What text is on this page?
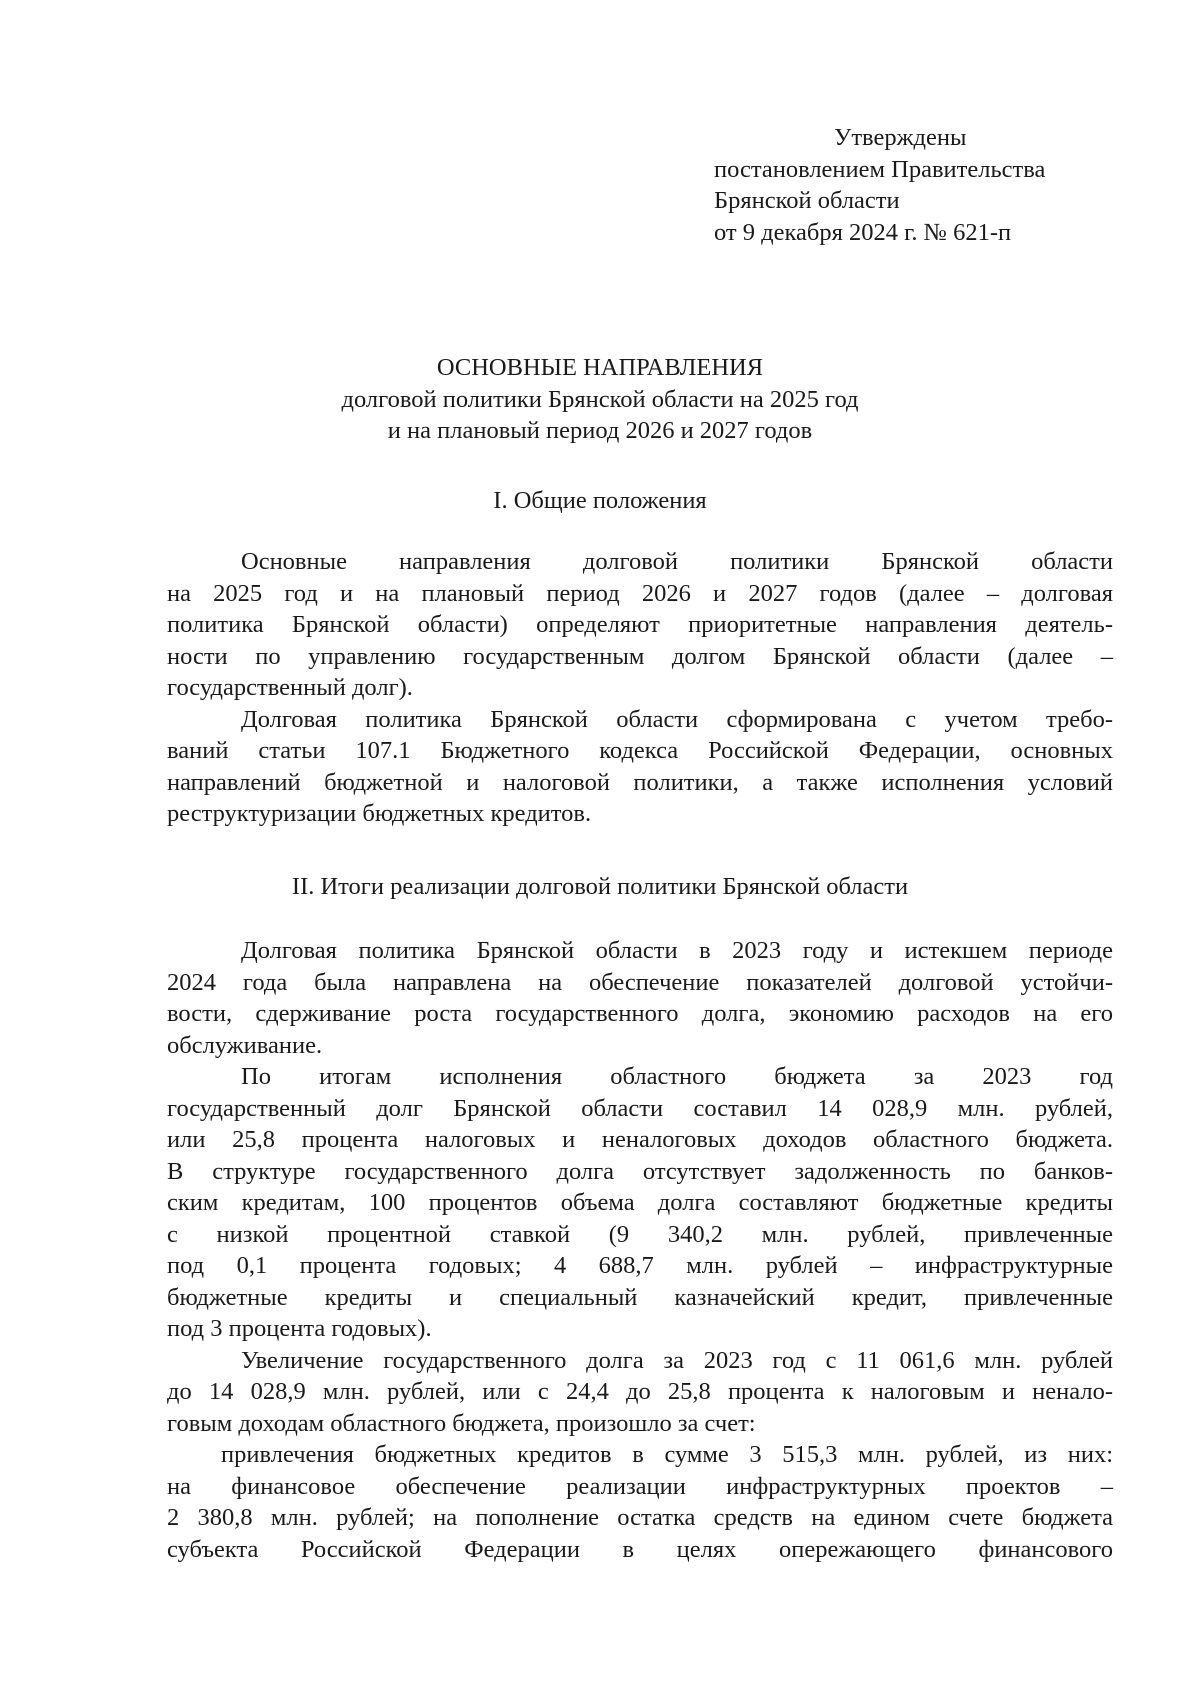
Утверждены
постановлением Правительства
Брянской области
от 9 декабря 2024 г. № 621-п
ОСНОВНЫЕ НАПРАВЛЕНИЯ
долговой политики Брянской области на 2025 год
и на плановый период 2026 и 2027 годов
I. Общие положения
Основные направления долговой политики Брянской области
на 2025 год и на плановый период 2026 и 2027 годов (далее – долговая
политика Брянской области) определяют приоритетные направления деятель-
ности по управлению государственным долгом Брянской области (далее –
государственный долг).
Долговая политика Брянской области сформирована с учетом требо-
ваний статьи 107.1 Бюджетного кодекса Российской Федерации, основных
направлений бюджетной и налоговой политики, а также исполнения условий
реструктуризации бюджетных кредитов.
II. Итоги реализации долговой политики Брянской области
Долговая политика Брянской области в 2023 году и истекшем периоде
2024 года была направлена на обеспечение показателей долговой устойчи-
вости, сдерживание роста государственного долга, экономию расходов на его
обслуживание.
По итогам исполнения областного бюджета за 2023 год
государственный долг Брянской области составил 14 028,9 млн. рублей,
или 25,8 процента налоговых и неналоговых доходов областного бюджета.
В структуре государственного долга отсутствует задолженность по банков-
ским кредитам, 100 процентов объема долга составляют бюджетные кредиты
с низкой процентной ставкой (9 340,2 млн. рублей, привлеченные
под 0,1 процента годовых; 4 688,7 млн. рублей – инфраструктурные
бюджетные кредиты и специальный казначейский кредит, привлеченные
под 3 процента годовых).
Увеличение государственного долга за 2023 год с 11 061,6 млн. рублей
до 14 028,9 млн. рублей, или с 24,4 до 25,8 процента к налоговым и ненало-
говым доходам областного бюджета, произошло за счет:
привлечения бюджетных кредитов в сумме 3 515,3 млн. рублей, из них:
на финансовое обеспечение реализации инфраструктурных проектов –
2 380,8 млн. рублей; на пополнение остатка средств на едином счете бюджета
субъекта Российской Федерации в целях опережающего финансового
